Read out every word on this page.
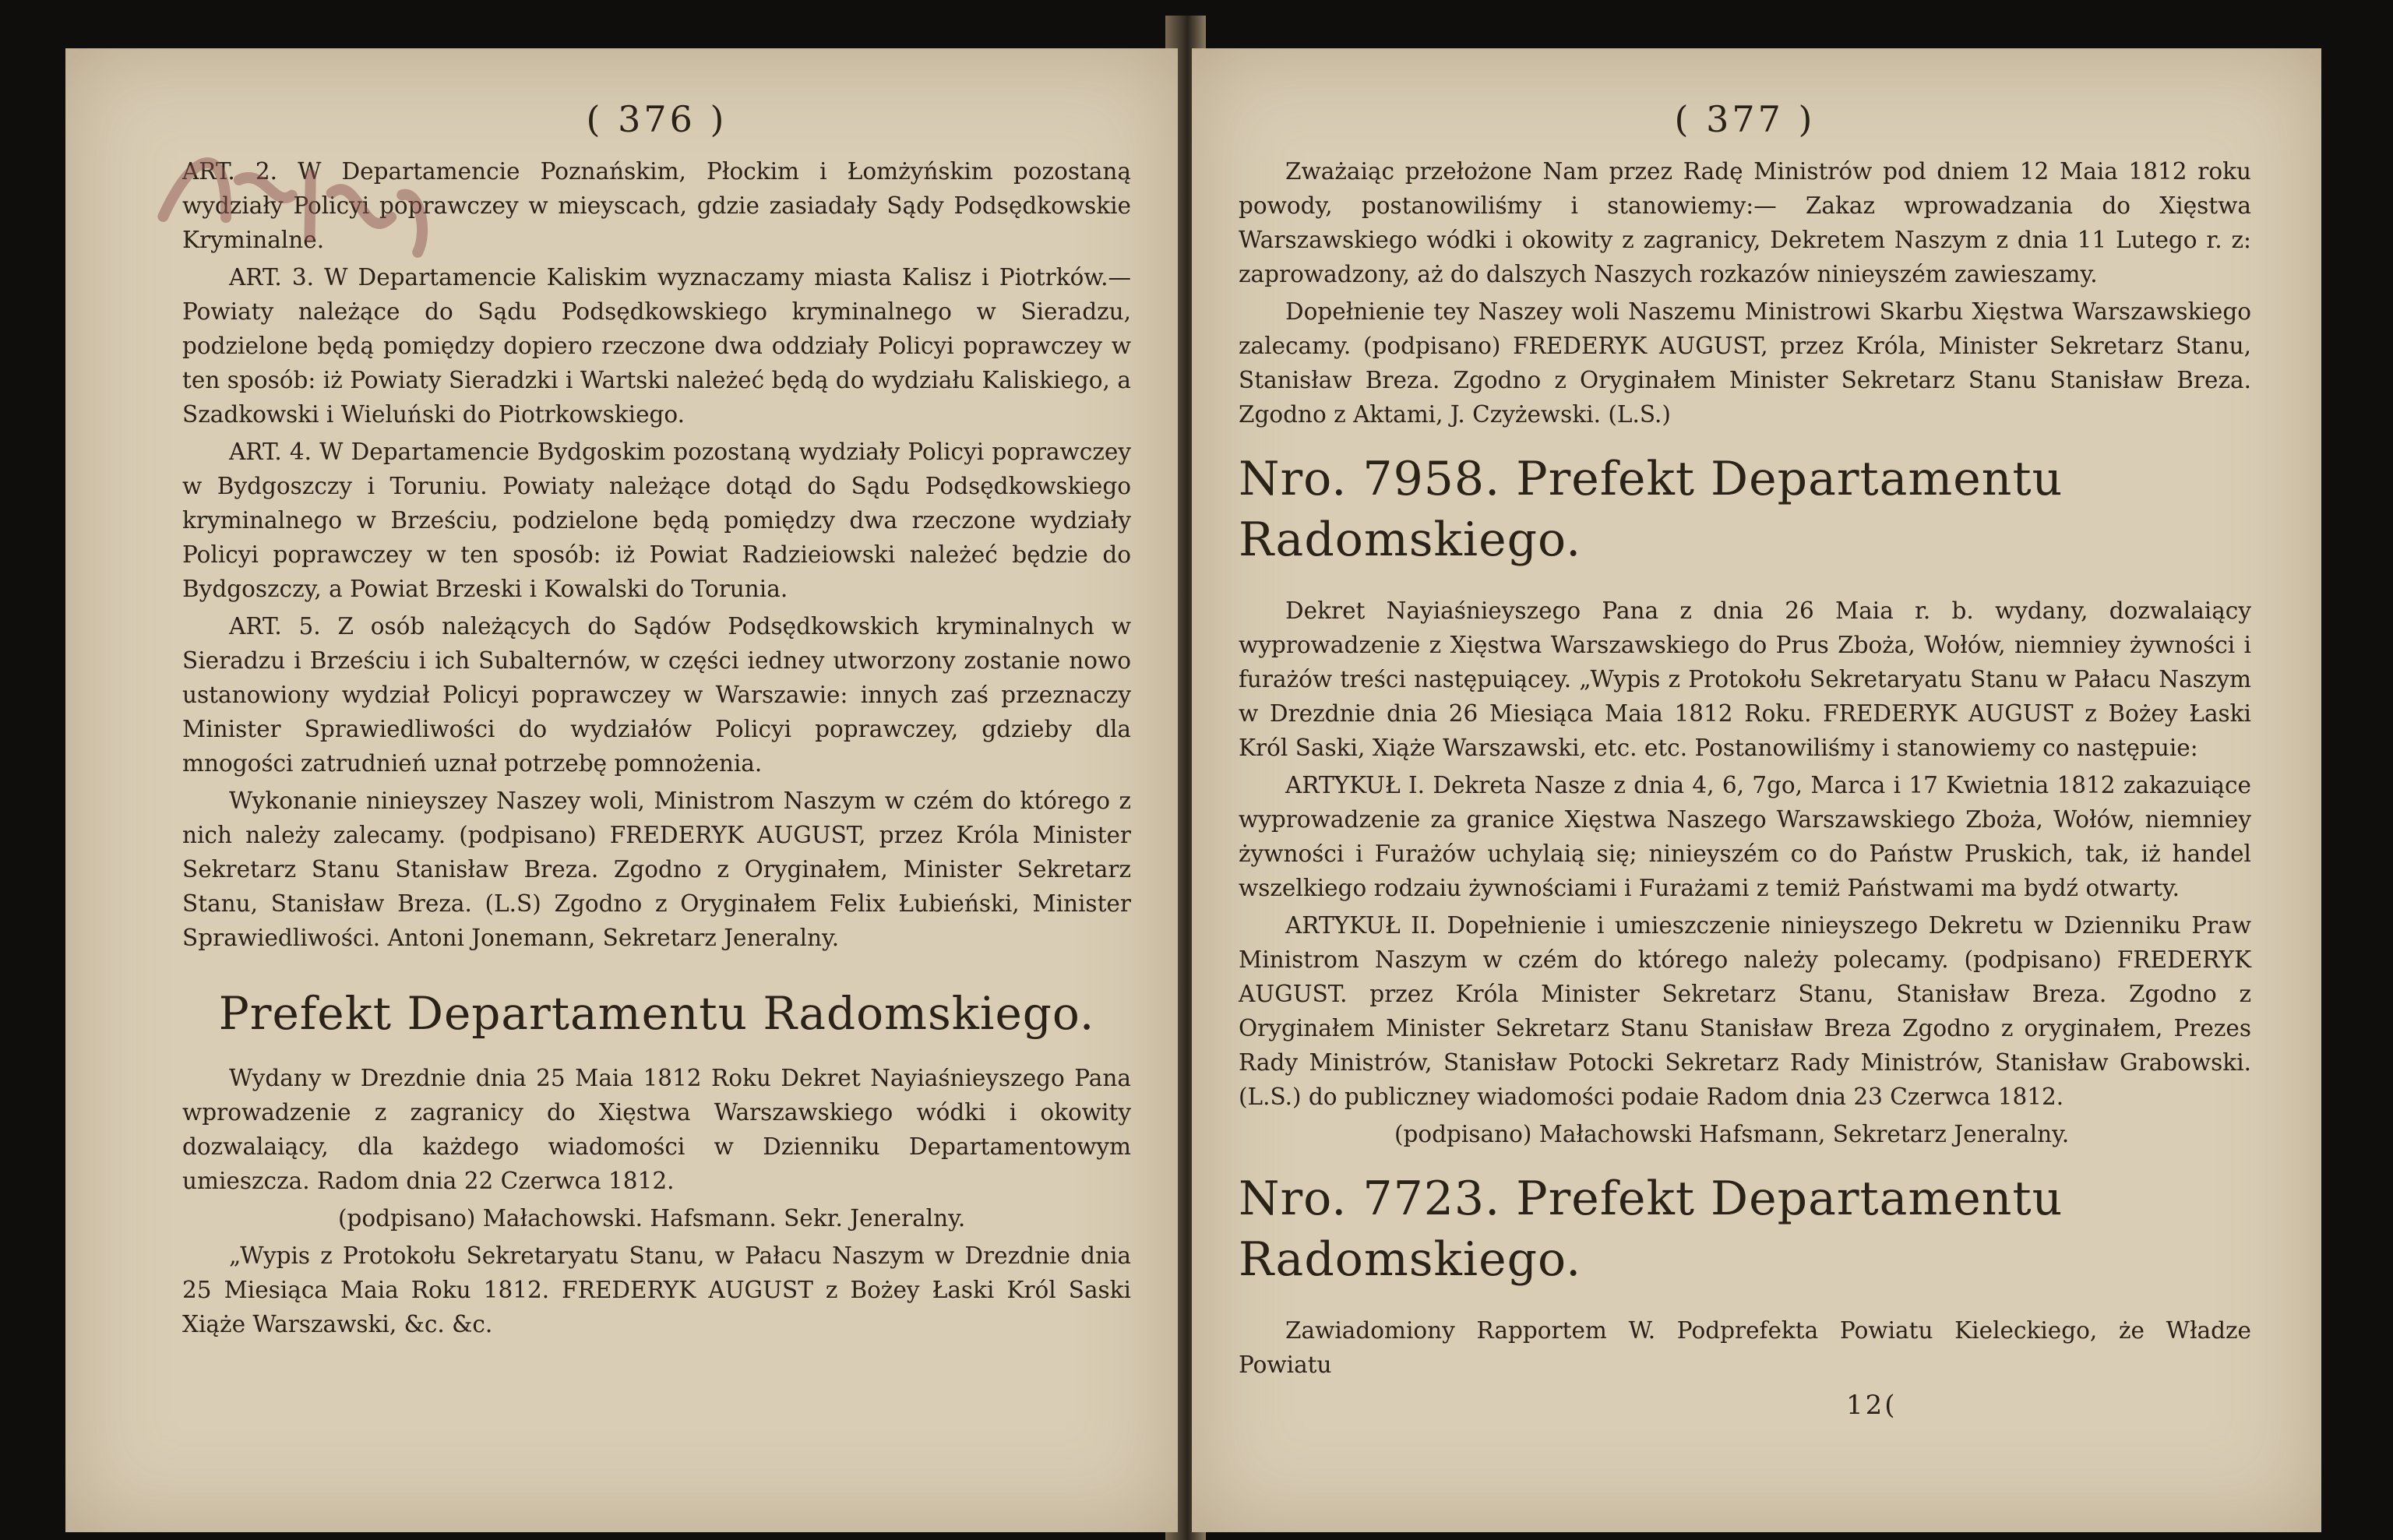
( 376 )

ART. 2. W Departamencie Poznańskim, Płockim i Łomżyńskim pozostaną wydziały Policyi poprawczey w mieyscach, gdzie zasiadały Sądy Podsędkowskie Kryminalne.

ART. 3. W Departamencie Kaliskim wyznaczamy miasta Kalisz i Piotrków.— Powiaty należące do Sądu Podsędkowskiego kryminalnego w Sieradzu, podzielone będą pomiędzy dopiero rzeczone dwa oddziały Policyi poprawczey w ten sposób: iż Powiaty Sieradzki i Wartski należeć będą do wydziału Kaliskiego, a Szadkowski i Wieluński do Piotrkowskiego.

ART. 4. W Departamencie Bydgoskim pozostaną wydziały Policyi poprawczey w Bydgoszczy i Toruniu. Powiaty należące dotąd do Sądu Podsędkowskiego kryminalnego w Brześciu, podzielone będą pomiędzy dwa rzeczone wydziały Policyi poprawczey w ten sposób: iż Powiat Radzieiowski należeć będzie do Bydgoszczy, a Powiat Brzeski i Kowalski do Torunia.

ART. 5. Z osób należących do Sądów Podsędkowskich kryminalnych w Sieradzu i Brześciu i ich Subalternów, w części iedney utworzony zostanie nowo ustanowiony wydział Policyi poprawczey w Warszawie: innych zaś przeznaczy Minister Sprawiedliwości do wydziałów Policyi poprawczey, gdzieby dla mnogości zatrudnień uznał potrzebę pomnożenia.

Wykonanie ninieyszey Naszey woli, Ministrom Naszym w czém do którego z nich należy zalecamy. (podpisano) FREDERYK AUGUST, przez Króla Minister Sekretarz Stanu Stanisław Breza. Zgodno z Oryginałem, Minister Sekretarz Stanu, Stanisław Breza. (L.S) Zgodno z Oryginałem Felix Łubieński, Minister Sprawiedliwości. Antoni Jonemann, Sekretarz Jeneralny.

Prefekt Departamentu Radomskiego.

Wydany w Drezdnie dnia 25 Maia 1812 Roku Dekret Nayiaśnieyszego Pana wprowadzenie z zagranicy do Xięstwa Warszawskiego wódki i okowity dozwalaiący, dla każdego wiadomości w Dzienniku Departamentowym umieszcza. Radom dnia 22 Czerwca 1812.

(podpisano) Małachowski. Hafsmann. Sekr. Jeneralny.

„Wypis z Protokołu Sekretaryatu Stanu, w Pałacu Naszym w Drezdnie dnia 25 Miesiąca Maia Roku 1812. FREDERYK AUGUST z Bożey Łaski Król Saski Xiąże Warszawski, &c. &c.

( 377 )

Zważaiąc przełożone Nam przez Radę Ministrów pod dniem 12 Maia 1812 roku powody, postanowiliśmy i stanowiemy:— Zakaz wprowadzania do Xięstwa Warszawskiego wódki i okowity z zagranicy, Dekretem Naszym z dnia 11 Lutego r. z: zaprowadzony, aż do dalszych Naszych rozkazów ninieyszém zawieszamy.

Dopełnienie tey Naszey woli Naszemu Ministrowi Skarbu Xięstwa Warszawskiego zalecamy. (podpisano) FREDERYK AUGUST, przez Króla, Minister Sekretarz Stanu, Stanisław Breza. Zgodno z Oryginałem Minister Sekretarz Stanu Stanisław Breza. Zgodno z Aktami, J. Czyżewski. (L.S.)

Nro. 7958. Prefekt Departamentu Radomskiego.

Dekret Nayiaśnieyszego Pana z dnia 26 Maia r. b. wydany, dozwalaiący wyprowadzenie z Xięstwa Warszawskiego do Prus Zboża, Wołów, niemniey żywności i furażów treści następuiącey. „Wypis z Protokołu Sekretaryatu Stanu w Pałacu Naszym w Drezdnie dnia 26 Miesiąca Maia 1812 Roku. FREDERYK AUGUST z Bożey Łaski Król Saski, Xiąże Warszawski, etc. etc. Postanowiliśmy i stanowiemy co następuie:

ARTYKUŁ I. Dekreta Nasze z dnia 4, 6, 7go, Marca i 17 Kwietnia 1812 zakazuiące wyprowadzenie za granice Xięstwa Naszego Warszawskiego Zboża, Wołów, niemniey żywności i Furażów uchylaią się; ninieyszém co do Państw Pruskich, tak, iż handel wszelkiego rodzaiu żywnościami i Furażami z temiż Państwami ma bydź otwarty.

ARTYKUŁ II. Dopełnienie i umieszczenie ninieyszego Dekretu w Dzienniku Praw Ministrom Naszym w czém do którego należy polecamy. (podpisano) FREDERYK AUGUST. przez Króla Minister Sekretarz Stanu, Stanisław Breza. Zgodno z Oryginałem Minister Sekretarz Stanu Stanisław Breza Zgodno z oryginałem, Prezes Rady Ministrów, Stanisław Potocki Sekretarz Rady Ministrów, Stanisław Grabowski. (L.S.) do publiczney wiadomości podaie Radom dnia 23 Czerwca 1812.

(podpisano) Małachowski Hafsmann, Sekretarz Jeneralny.

Nro. 7723. Prefekt Departamentu Radomskiego.

Zawiadomiony Rapportem W. Podprefekta Powiatu Kieleckiego, że Władze Powiatu

12(
